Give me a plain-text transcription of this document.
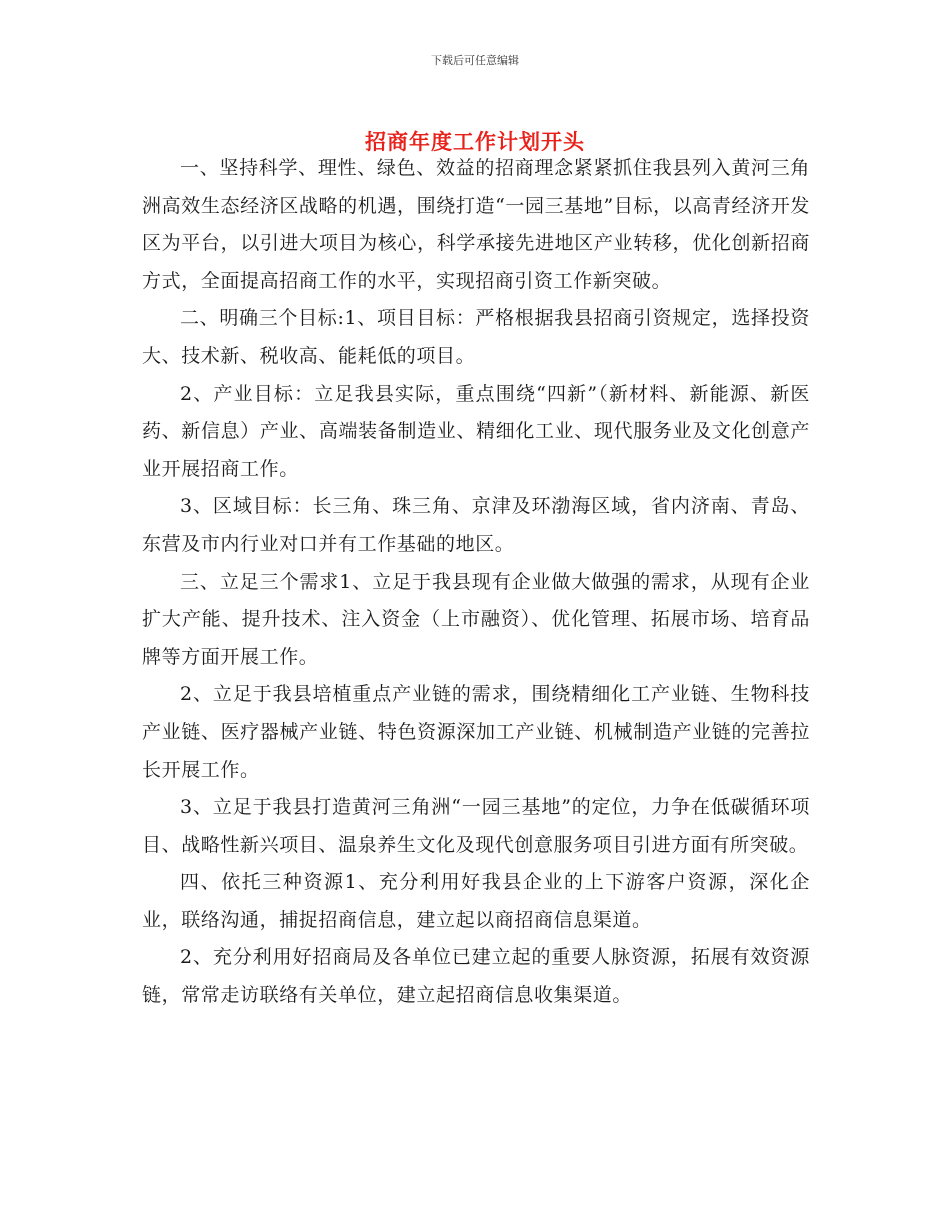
下载后可任意编辑
招商年度工作计划开头

一、坚持科学、理性、绿色、效益的招商理念紧紧抓住我县列入黄河三角洲高效生态经济区战略的机遇，围绕打造“一园三基地”目标，以高青经济开发区为平台，以引进大项目为核心，科学承接先进地区产业转移，优化创新招商方式，全面提高招商工作的水平，实现招商引资工作新突破。

二、明确三个目标:1、项目目标：严格根据我县招商引资规定，选择投资大、技术新、税收高、能耗低的项目。

2、产业目标：立足我县实际，重点围绕“四新”（新材料、新能源、新医药、新信息）产业、高端装备制造业、精细化工业、现代服务业及文化创意产业开展招商工作。

3、区域目标：长三角、珠三角、京津及环渤海区域，省内济南、青岛、东营及市内行业对口并有工作基础的地区。

三、立足三个需求1、立足于我县现有企业做大做强的需求，从现有企业扩大产能、提升技术、注入资金（上市融资）、优化管理、拓展市场、培育品牌等方面开展工作。

2、立足于我县培植重点产业链的需求，围绕精细化工产业链、生物科技产业链、医疗器械产业链、特色资源深加工产业链、机械制造产业链的完善拉长开展工作。

3、立足于我县打造黄河三角洲“一园三基地”的定位，力争在低碳循环项目、战略性新兴项目、温泉养生文化及现代创意服务项目引进方面有所突破。

四、依托三种资源1、充分利用好我县企业的上下游客户资源，深化企业，联络沟通，捕捉招商信息，建立起以商招商信息渠道。

2、充分利用好招商局及各单位已建立起的重要人脉资源，拓展有效资源链，常常走访联络有关单位，建立起招商信息收集渠道。
